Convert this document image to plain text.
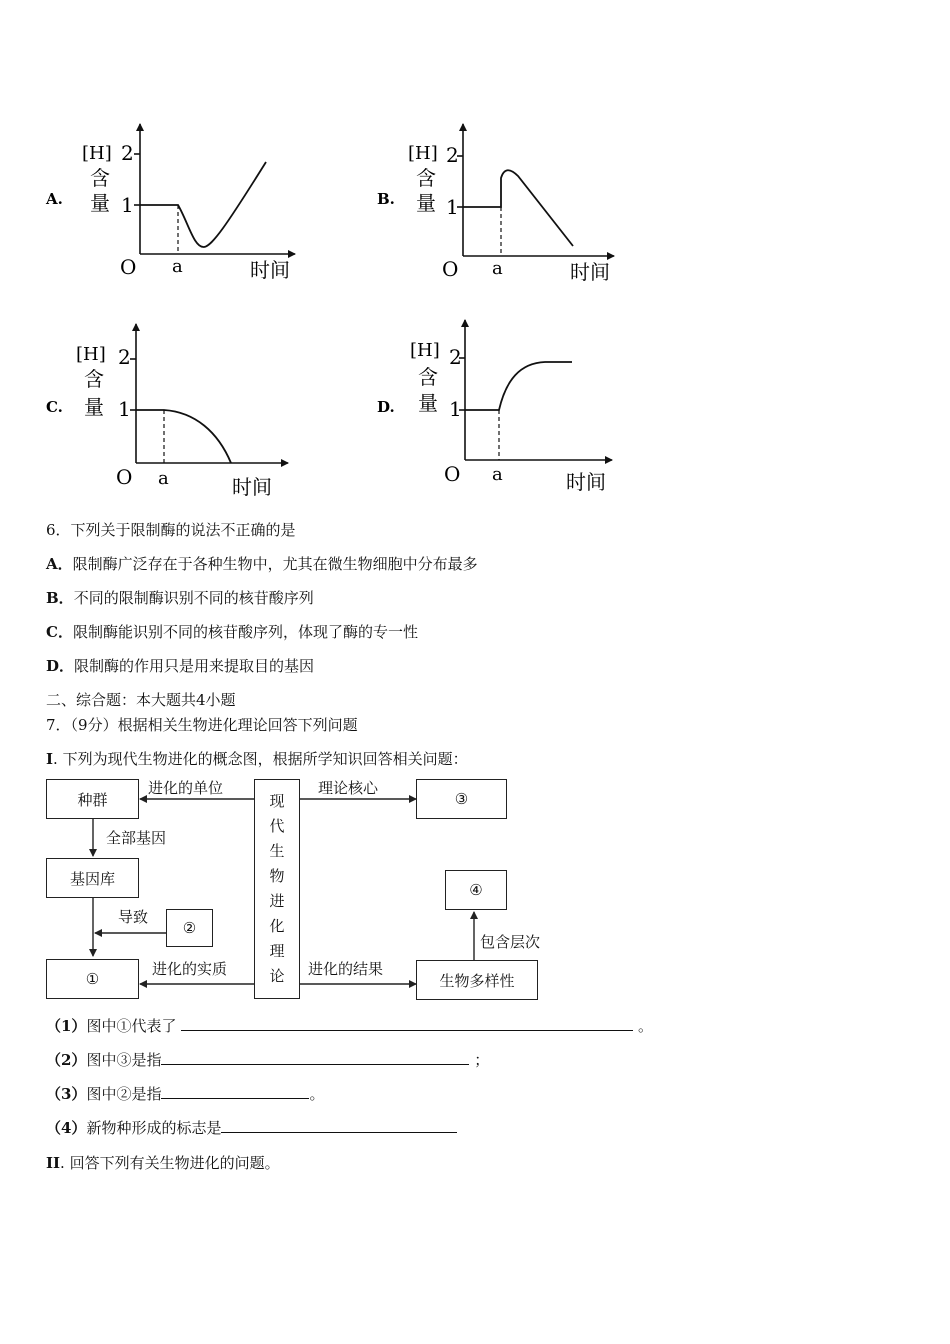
A.
[H]
含
量
2
1
O a	时间
B.
[H]
含
量
2
1
O a	时间
C.
[H]
含
量
2
1
O a	时间
D.
[H]
含
量
2
1
O a	时间
6．下列关于限制酶的说法不正确的是
A．限制酶广泛存在于各种生物中，尤其在微生物细胞中分布最多
B．不同的限制酶识别不同的核苷酸序列
C．限制酶能识别不同的核苷酸序列，体现了酶的专一性
D．限制酶的作用只是用来提取目的基因
二、综合题：本大题共4小题
7．（9分）根据相关生物进化理论回答下列问题
I. 下列为现代生物进化的概念图，根据所学知识回答相关问题：
种群
基因库
①
②
③
④
生物多样性
现
代
生
物
进
化
理
论
进化的单位	理论核心
全部基因
导致
进化的实质	进化的结果
包含层次
（1）图中①代表了	。
（2）图中③是指	；
（3）图中②是指	。
（4）新物种形成的标志是
II. 回答下列有关生物进化的问题。
